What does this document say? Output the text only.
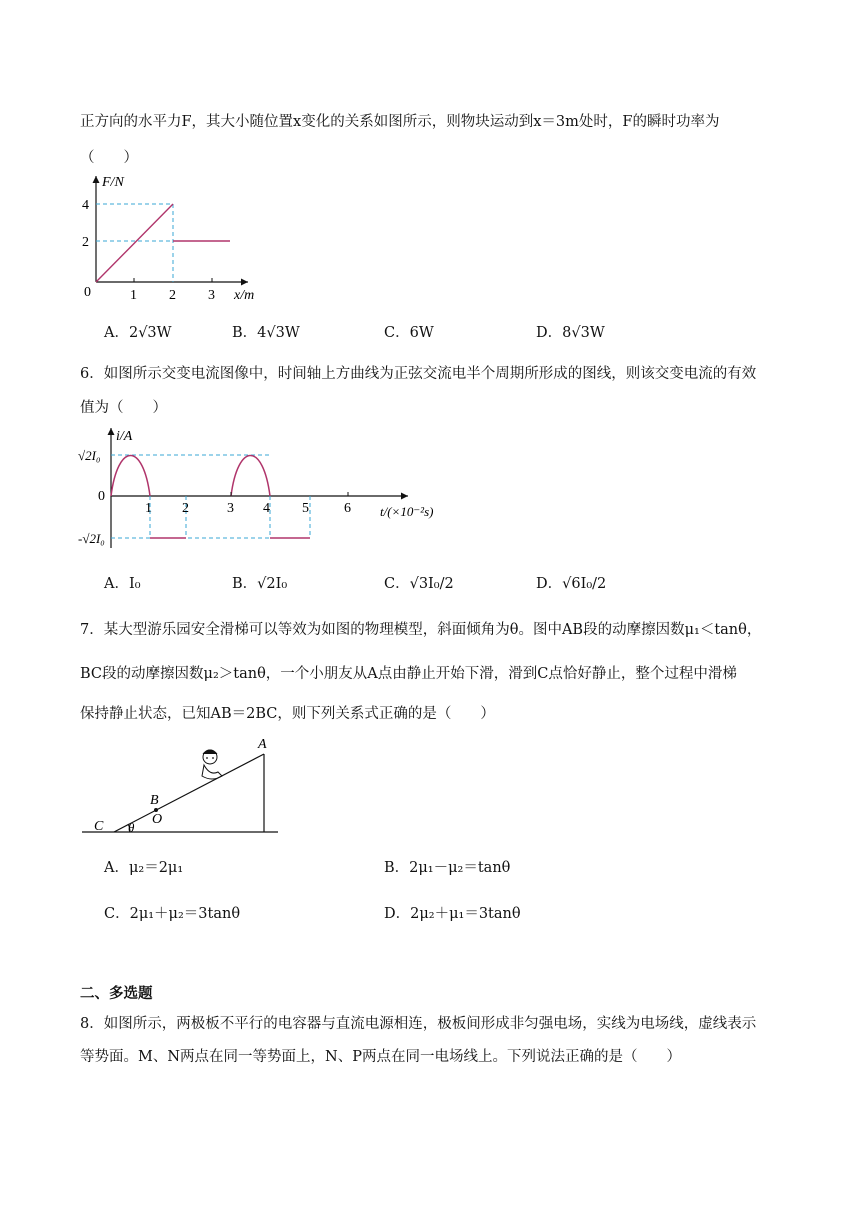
正方向的水平力F，其大小随位置x变化的关系如图所示，则物块运动到x＝3m处时，F的瞬时功率为
（　　）
F/N
4
2
0	1 2 3 x/m
A．2√3W	B．4√3W	C．6W	D．8√3W
6．如图所示交变电流图像中，时间轴上方曲线为正弦交流电半个周期所形成的图线，则该交变电流的有效
值为（　　）
i/A
√2I₀
0
-√2I₀
1 2	3 4 5	6 t/(×10⁻²s)
A．I₀	B．√2I₀	C．√3I₀/2	D．√6I₀/2
7．某大型游乐园安全滑梯可以等效为如图的物理模型，斜面倾角为θ。图中AB段的动摩擦因数μ₁＜tanθ，
BC段的动摩擦因数μ₂＞tanθ，一个小朋友从A点由静止开始下滑，滑到C点恰好静止，整个过程中滑梯
保持静止状态，已知AB＝2BC，则下列关系式正确的是（　　）
A
B
O
C θ
A．μ₂＝2μ₁	B．2μ₁－μ₂＝tanθ
C．2μ₁＋μ₂＝3tanθ	D．2μ₂＋μ₁＝3tanθ
二、多选题
8．如图所示，两极板不平行的电容器与直流电源相连，极板间形成非匀强电场，实线为电场线，虚线表示
等势面。M、N两点在同一等势面上，N、P两点在同一电场线上。下列说法正确的是（　　）
